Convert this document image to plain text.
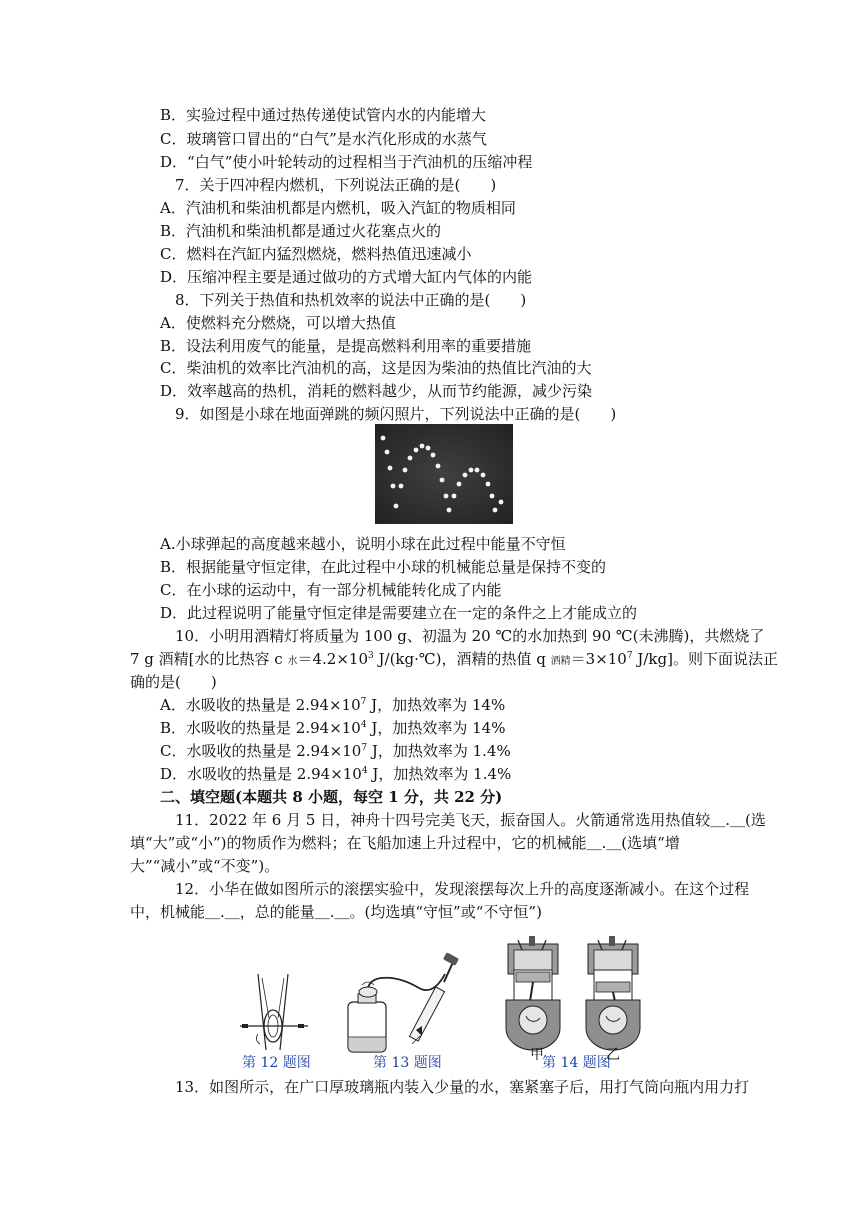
B．实验过程中通过热传递使试管内水的内能增大
C．玻璃管口冒出的“白气”是水汽化形成的水蒸气
D．“白气”使小叶轮转动的过程相当于汽油机的压缩冲程
7．关于四冲程内燃机，下列说法正确的是(　　)
A．汽油机和柴油机都是内燃机，吸入汽缸的物质相同
B．汽油机和柴油机都是通过火花塞点火的
C．燃料在汽缸内猛烈燃烧，燃料热值迅速减小
D．压缩冲程主要是通过做功的方式增大缸内气体的内能
8．下列关于热值和热机效率的说法中正确的是(　　)
A．使燃料充分燃烧，可以增大热值
B．设法利用废气的能量，是提高燃料利用率的重要措施
C．柴油机的效率比汽油机的高，这是因为柴油的热值比汽油的大
D．效率越高的热机，消耗的燃料越少，从而节约能源，减少污染
9．如图是小球在地面弹跳的频闪照片，下列说法中正确的是(　　)
A.小球弹起的高度越来越小，说明小球在此过程中能量不守恒
B．根据能量守恒定律，在此过程中小球的机械能总量是保持不变的
C．在小球的运动中，有一部分机械能转化成了内能
D．此过程说明了能量守恒定律是需要建立在一定的条件之上才能成立的
10．小明用酒精灯将质量为 100 g、初温为 20 ℃的水加热到 90 ℃(未沸腾)，共燃烧了
7 g 酒精[水的比热容 c 水$=4.2\times 10^3$ J/(kg·℃)，酒精的热值 q 酒精$=3\times 10^7$ J/kg]。则下面说法正
确的是(　　)
A．水吸收的热量是 $2.94\times 10^7$ J，加热效率为 14%
B．水吸收的热量是 $2.94\times 10^4$ J，加热效率为 14%
C．水吸收的热量是 $2.94\times 10^7$ J，加热效率为 1.4%
D．水吸收的热量是 $2.94\times 10^4$ J，加热效率为 1.4%
二、填空题(本题共 8 小题，每空 1 分，共 22 分)
11．2022 年 6 月 5 日，神舟十四号完美飞天，振奋国人。火箭通常选用热值较＿.＿(选
填“大”或“小”)的物质作为燃料；在飞船加速上升过程中，它的机械能＿.＿(选填“增
大”“减小”或“不变”)。
12．小华在做如图所示的滚摆实验中，发现滚摆每次上升的高度逐渐减小。在这个过程
中，机械能＿.＿，总的能量＿.＿。(均选填“守恒”或“不守恒”)
第 12 题图	第 13 题图	甲
第 14 题图
乙
13．如图所示，在广口厚玻璃瓶内装入少量的水，塞紧塞子后，用打气筒向瓶内用力打
